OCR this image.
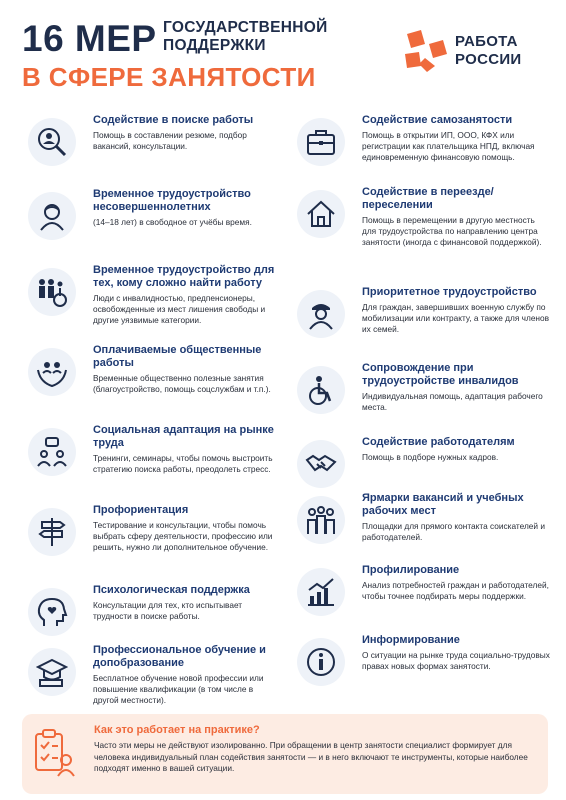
16 МЕР ГОСУДАРСТВЕННОЙ
ПОДДЕРЖКИ
В СФЕРЕ ЗАНЯТОСТИ
РАБОТА
РОССИИ
Содействие в поиске работы
Помощь в составлении резюме, подбор вакансий, консультации.
Временное трудоустройство несовершеннолетних
(14–18 лет) в свободное от учёбы время.
Временное трудоустройство для тех, кому сложно найти работу
Люди с инвалидностью, предпенсионеры, освобожденные из мест лишения свободы и другие уязвимые категории.
Оплачиваемые общественные работы
Временные общественно полезные занятия (благоустройство, помощь соцслужбам и т.п.).
Социальная адаптация на рынке труда
Тренинги, семинары, чтобы помочь выстроить стратегию поиска работы, преодолеть стресс.
Профориентация
Тестирование и консультации, чтобы помочь выбрать сферу деятельности, профессию или решить, нужно ли дополнительное обучение.
Психологическая поддержка
Консультации для тех, кто испытывает трудности в поиске работы.
Профессиональное обучение и допобразование
Бесплатное обучение новой профессии или повышение квалификации (в том числе в другой местности).
Содействие самозанятости
Помощь в открытии ИП, ООО, КФХ или регистрации как плательщика НПД, включая единовременную финансовую помощь.
Содействие в переезде/ переселении
Помощь в перемещении в другую местность для трудоустройства по направлению центра занятости (иногда с финансовой поддержкой).
Приоритетное трудоустройство
Для граждан, завершивших военную службу по мобилизации или контракту, а также для членов их семей.
Сопровождение при трудоустройстве инвалидов
Индивидуальная помощь, адаптация рабочего места.
Содействие работодателям
Помощь в подборе нужных кадров.
Ярмарки вакансий и учебных рабочих мест
Площадки для прямого контакта соискателей и работодателей.
Профилирование
Анализ потребностей граждан и работодателей, чтобы точнее подбирать меры поддержки.
Информирование
О ситуации на рынке труда социально-трудовых правах новых формах занятости.
Как это работает на практике?
Часто эти меры не действуют изолированно. При обращении в центр занятости специалист формирует для человека индивидуальный план содействия занятости — и в него включают те инструменты, которые наиболее подходят именно в вашей ситуации.
